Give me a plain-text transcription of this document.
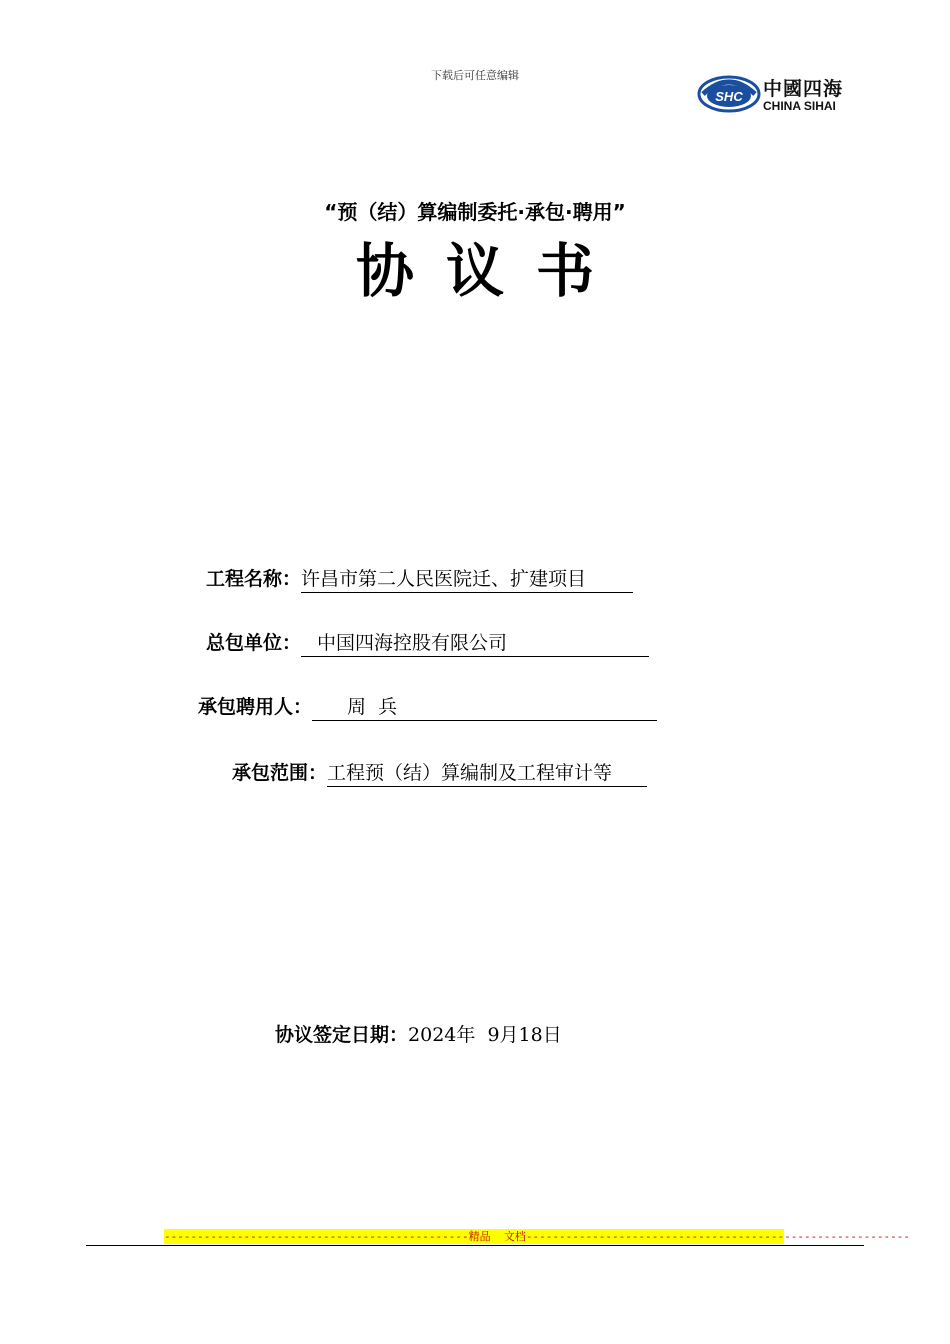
下载后可任意编辑
SHC 中國四海
CHINA SIHAI
“预（结）算编制委托·承包·聘用”
协议书
工程名称：许昌市第二人民医院迁、扩建项目
总包单位： 中国四海控股有限公司
承包聘用人： 周  兵
承包范围：工程预（结）算编制及工程审计等
协议签定日期：2024年  9月18日
----------------------------------------------精品  文档----------------------------------------------------------
